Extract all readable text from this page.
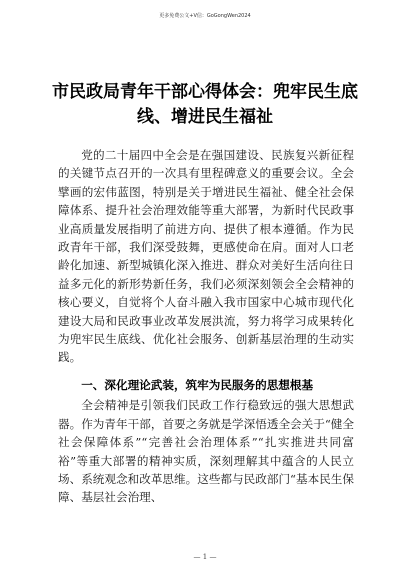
更多免费公文+V信：GoGongWen2024
市民政局青年干部心得体会：兜牢民生底
线、增进民生福祉

党的二十届四中全会是在强国建设、民族复兴新征程的关键节点召开的一次具有里程碑意义的重要会议。全会擘画的宏伟蓝图，特别是关于增进民生福祉、健全社会保障体系、提升社会治理效能等重大部署，为新时代民政事业高质量发展指明了前进方向、提供了根本遵循。作为民政青年干部，我们深受鼓舞，更感使命在肩。面对人口老龄化加速、新型城镇化深入推进、群众对美好生活向往日益多元化的新形势新任务，我们必须深刻领会全会精神的核心要义，自觉将个人奋斗融入我市国家中心城市现代化建设大局和民政事业改革发展洪流，努力将学习成果转化为兜牢民生底线、优化社会服务、创新基层治理的生动实践。

一、深化理论武装，筑牢为民服务的思想根基

全会精神是引领我们民政工作行稳致远的强大思想武器。作为青年干部，首要之务就是学深悟透全会关于“健全社会保障体系”“完善社会治理体系”“扎实推进共同富裕”等重大部署的精神实质，深刻理解其中蕴含的人民立场、系统观念和改革思维。这些都与民政部门“基本民生保障、基层社会治理、

— 1 —
